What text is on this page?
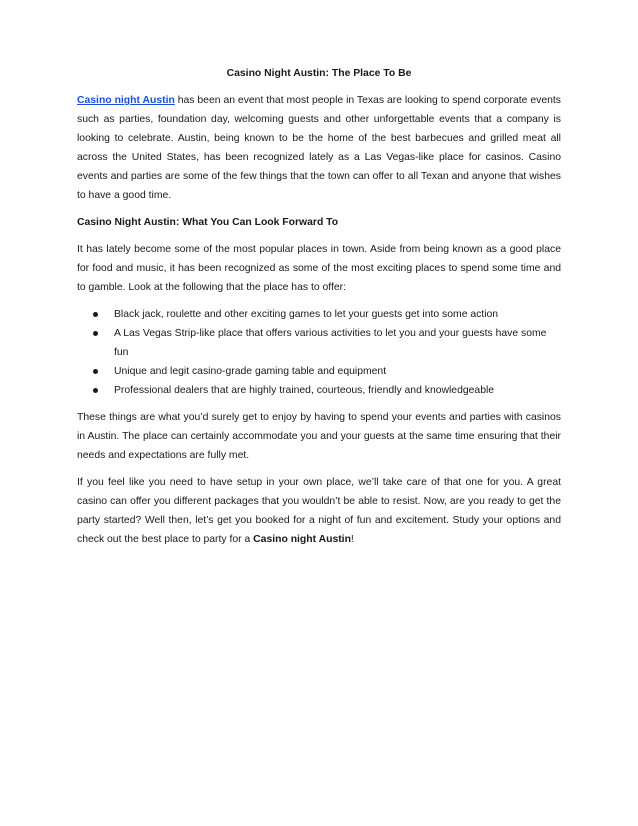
Casino Night Austin: The Place To Be

Casino night Austin has been an event that most people in Texas are looking to spend corporate events such as parties, foundation day, welcoming guests and other unforgettable events that a company is looking to celebrate. Austin, being known to be the home of the best barbecues and grilled meat all across the United States, has been recognized lately as a Las Vegas-like place for casinos. Casino events and parties are some of the few things that the town can offer to all Texan and anyone that wishes to have a good time.

Casino Night Austin: What You Can Look Forward To

It has lately become some of the most popular places in town. Aside from being known as a good place for food and music, it has been recognized as some of the most exciting places to spend some time and to gamble. Look at the following that the place has to offer:

Black jack, roulette and other exciting games to let your guests get into some action
A Las Vegas Strip-like place that offers various activities to let you and your guests have some fun
Unique and legit casino-grade gaming table and equipment
Professional dealers that are highly trained, courteous, friendly and knowledgeable

These things are what you’d surely get to enjoy by having to spend your events and parties with casinos in Austin. The place can certainly accommodate you and your guests at the same time ensuring that their needs and expectations are fully met.

If you feel like you need to have setup in your own place, we’ll take care of that one for you. A great casino can offer you different packages that you wouldn’t be able to resist. Now, are you ready to get the party started? Well then, let’s get you booked for a night of fun and excitement. Study your options and check out the best place to party for a Casino night Austin!
